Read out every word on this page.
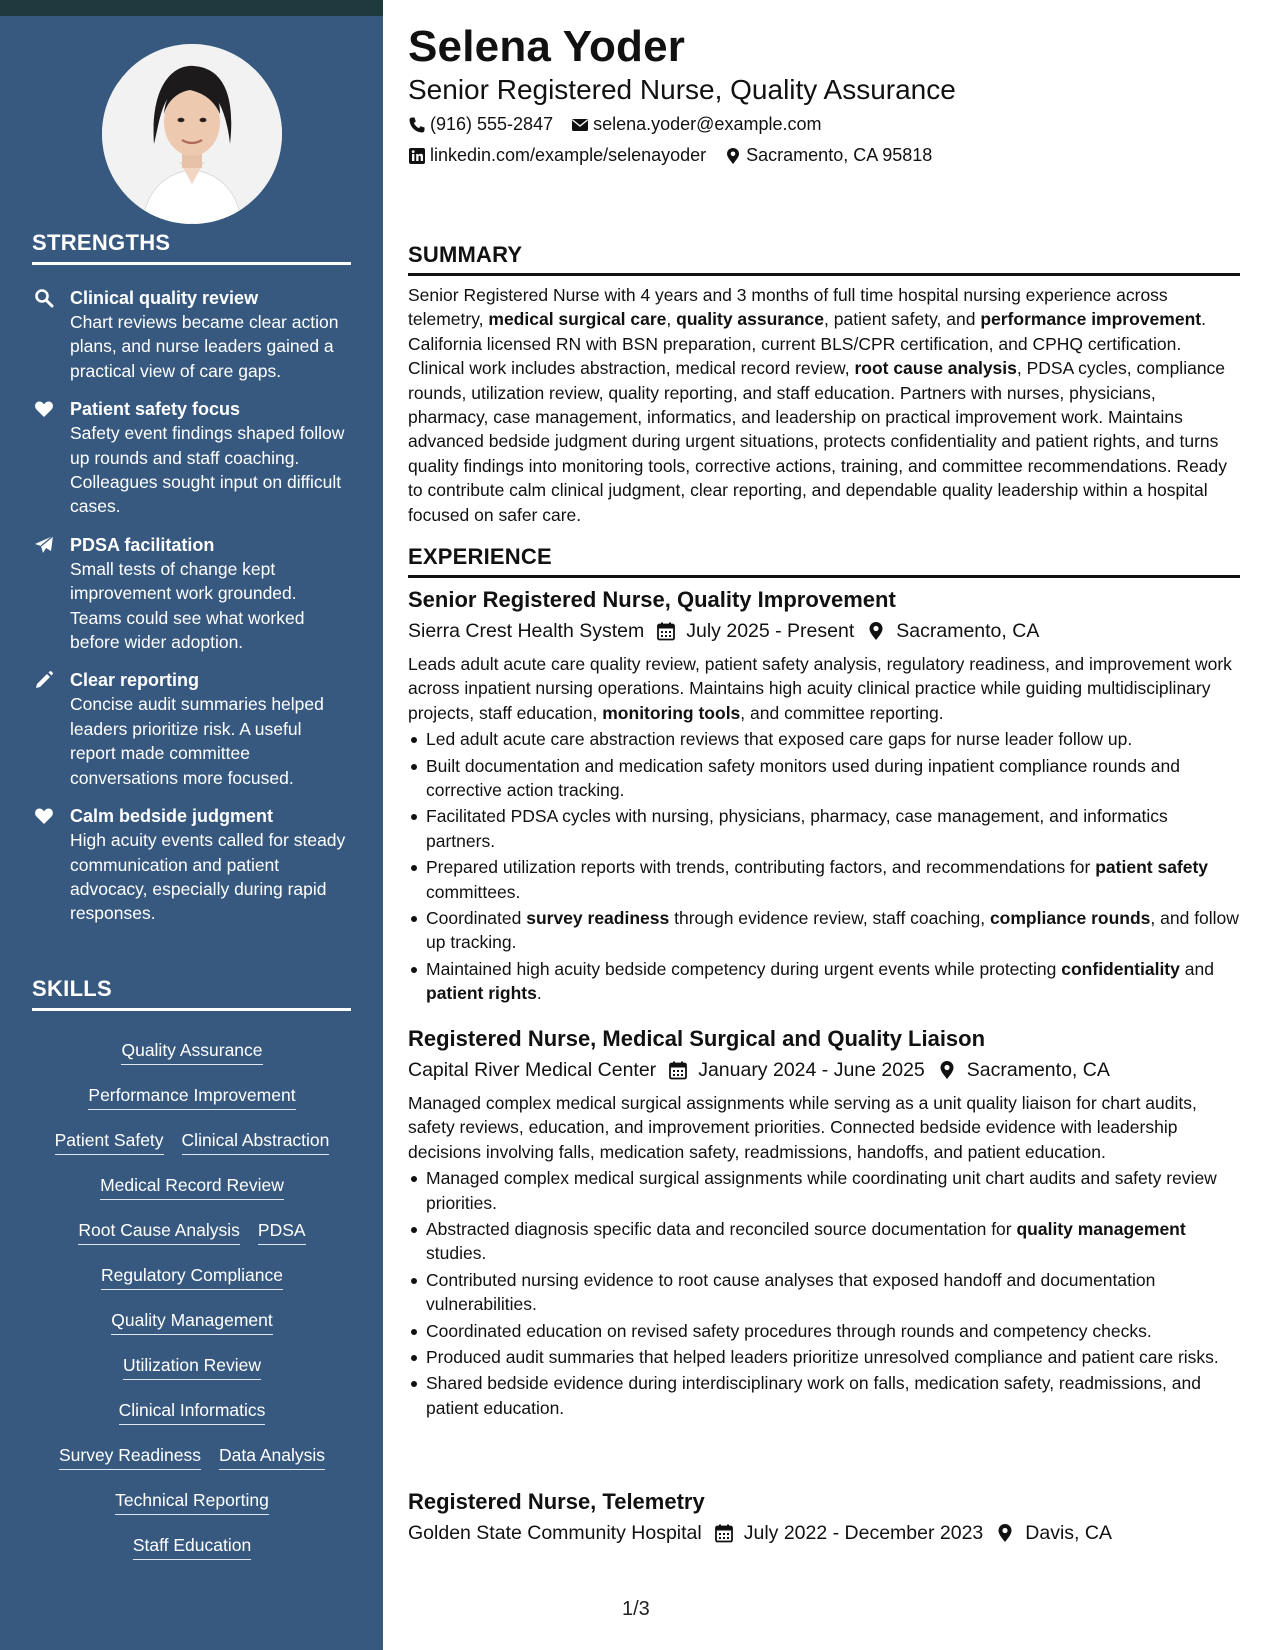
STRENGTHS
Clinical quality review
Chart reviews became clear action plans, and nurse leaders gained a practical view of care gaps.
Patient safety focus
Safety event findings shaped follow up rounds and staff coaching. Colleagues sought input on difficult cases.
PDSA facilitation
Small tests of change kept improvement work grounded. Teams could see what worked before wider adoption.
Clear reporting
Concise audit summaries helped leaders prioritize risk. A useful report made committee conversations more focused.
Calm bedside judgment
High acuity events called for steady communication and patient advocacy, especially during rapid responses.
SKILLS
Quality Assurance
Performance Improvement
Patient Safety Clinical Abstraction
Medical Record Review
Root Cause Analysis PDSA
Regulatory Compliance
Quality Management
Utilization Review
Clinical Informatics
Survey Readiness Data Analysis
Technical Reporting
Staff Education
Selena Yoder
Senior Registered Nurse, Quality Assurance
(916) 555-2847 selena.yoder@example.com
linkedin.com/example/selenayoder Sacramento, CA 95818
SUMMARY
Senior Registered Nurse with 4 years and 3 months of full time hospital nursing experience across telemetry, medical surgical care, quality assurance, patient safety, and performance improvement. California licensed RN with BSN preparation, current BLS/CPR certification, and CPHQ certification. Clinical work includes abstraction, medical record review, root cause analysis, PDSA cycles, compliance rounds, utilization review, quality reporting, and staff education. Partners with nurses, physicians, pharmacy, case management, informatics, and leadership on practical improvement work. Maintains advanced bedside judgment during urgent situations, protects confidentiality and patient rights, and turns quality findings into monitoring tools, corrective actions, training, and committee recommendations. Ready to contribute calm clinical judgment, clear reporting, and dependable quality leadership within a hospital focused on safer care.
EXPERIENCE
Senior Registered Nurse, Quality Improvement
Sierra Crest Health System July 2025 - Present Sacramento, CA
Leads adult acute care quality review, patient safety analysis, regulatory readiness, and improvement work across inpatient nursing operations. Maintains high acuity clinical practice while guiding multidisciplinary projects, staff education, monitoring tools, and committee reporting.
Led adult acute care abstraction reviews that exposed care gaps for nurse leader follow up.
Built documentation and medication safety monitors used during inpatient compliance rounds and corrective action tracking.
Facilitated PDSA cycles with nursing, physicians, pharmacy, case management, and informatics partners.
Prepared utilization reports with trends, contributing factors, and recommendations for patient safety committees.
Coordinated survey readiness through evidence review, staff coaching, compliance rounds, and follow up tracking.
Maintained high acuity bedside competency during urgent events while protecting confidentiality and patient rights.
Registered Nurse, Medical Surgical and Quality Liaison
Capital River Medical Center January 2024 - June 2025 Sacramento, CA
Managed complex medical surgical assignments while serving as a unit quality liaison for chart audits, safety reviews, education, and improvement priorities. Connected bedside evidence with leadership decisions involving falls, medication safety, readmissions, handoffs, and patient education.
Managed complex medical surgical assignments while coordinating unit chart audits and safety review priorities.
Abstracted diagnosis specific data and reconciled source documentation for quality management studies.
Contributed nursing evidence to root cause analyses that exposed handoff and documentation vulnerabilities.
Coordinated education on revised safety procedures through rounds and competency checks.
Produced audit summaries that helped leaders prioritize unresolved compliance and patient care risks.
Shared bedside evidence during interdisciplinary work on falls, medication safety, readmissions, and patient education.
Registered Nurse, Telemetry
Golden State Community Hospital July 2022 - December 2023 Davis, CA
1/3
